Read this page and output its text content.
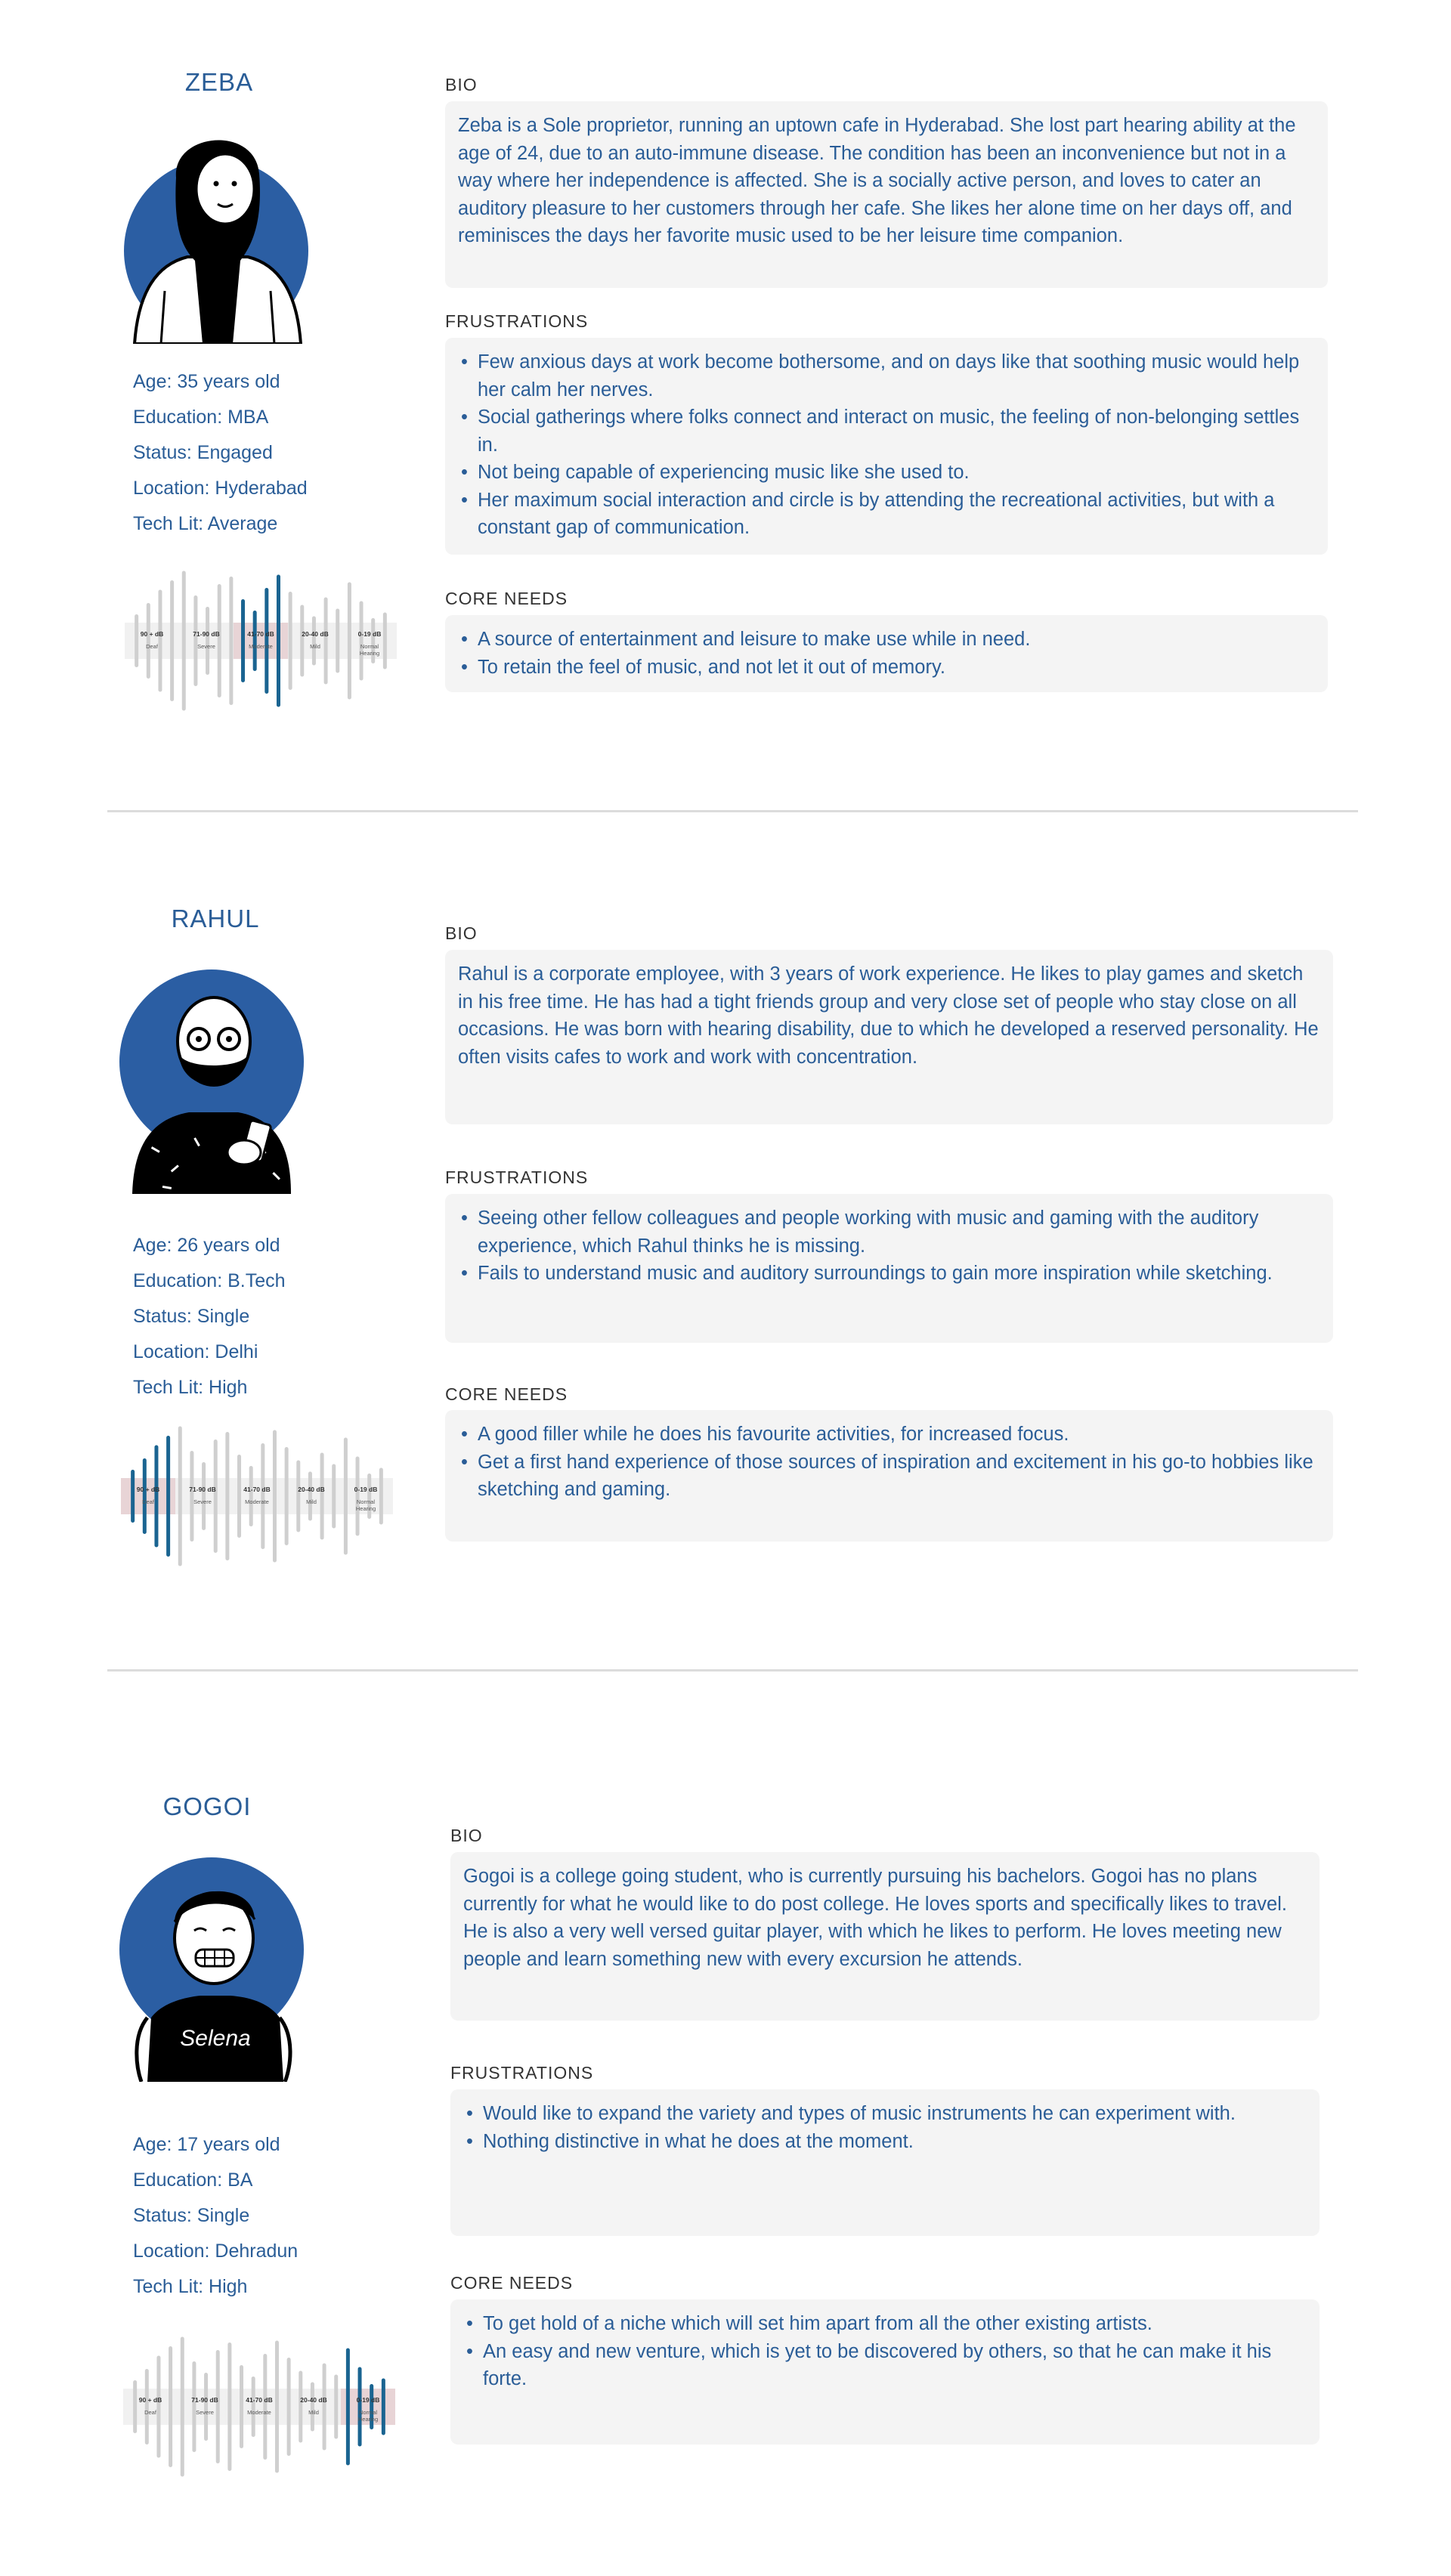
ZEBA
Age: 35 years old
Education: MBA
Status: Engaged
Location: Hyderabad
Tech Lit: Average
90 + dB
Deaf
71-90 dB
Severe
41-70 dB
Moderate
20-40 dB
Mild
0-19 dB
Normal
Hearing
BIO

Zeba is a Sole proprietor, running an uptown cafe in Hyderabad. She lost part hearing ability at the age of 24, due to an auto-immune disease. The condition has been an inconvenience but not in a way where her independence is affected. She is a socially active person, and loves to cater an auditory pleasure to her customers through her cafe. She likes her alone time on her days off, and reminisces the days her favorite music used to be her leisure time companion.

FRUSTRATIONS
• Few anxious days at work become bothersome, and on days like that soothing music would help her calm her nerves.
• Social gatherings where folks connect and interact on music, the feeling of non-belonging settles in.
• Not being capable of experiencing music like she used to.
• Her maximum social interaction and circle is by attending the recreational activities, but with a constant gap of communication.
CORE NEEDS
• A source of entertainment and leisure to make use while in need.
• To retain the feel of music, and not let it out of memory.
RAHUL
Age: 26 years old
Education: B.Tech
Status: Single
Location: Delhi
Tech Lit: High
90 + dB
Deaf
71-90 dB
Severe
41-70 dB
Moderate
20-40 dB
Mild
0-19 dB
Normal
Hearing
BIO

Rahul is a corporate employee, with 3 years of work experience. He likes to play games and sketch in his free time. He has had a tight friends group and very close set of people who stay close on all occasions. He was born with hearing disability, due to which he developed a reserved personality. He often visits cafes to work and work with concentration.

FRUSTRATIONS
• Seeing other fellow colleagues and people working with music and gaming with the auditory experience, which Rahul thinks he is missing.
• Fails to understand music and auditory surroundings to gain more inspiration while sketching.
CORE NEEDS
• A good filler while he does his favourite activities, for increased focus.
• Get a first hand experience of those sources of inspiration and excitement in his go-to hobbies like sketching and gaming.
GOGOI
Selena
Age: 17 years old
Education: BA
Status: Single
Location: Dehradun
Tech Lit: High
90 + dB
Deaf
71-90 dB
Severe
41-70 dB
Moderate
20-40 dB
Mild
0-19 dB
Normal
Hearing
BIO

Gogoi is a college going student, who is currently pursuing his bachelors. Gogoi has no plans currently for what he would like to do post college. He loves sports and specifically likes to travel. He is also a very well versed guitar player, with which he likes to perform. He loves meeting new people and learn something new with every excursion he attends.

FRUSTRATIONS
• Would like to expand the variety and types of music instruments he can experiment with.
• Nothing distinctive in what he does at the moment.
CORE NEEDS
• To get hold of a niche which will set him apart from all the other existing artists.
• An easy and new venture, which is yet to be discovered by others, so that he can make it his forte.
